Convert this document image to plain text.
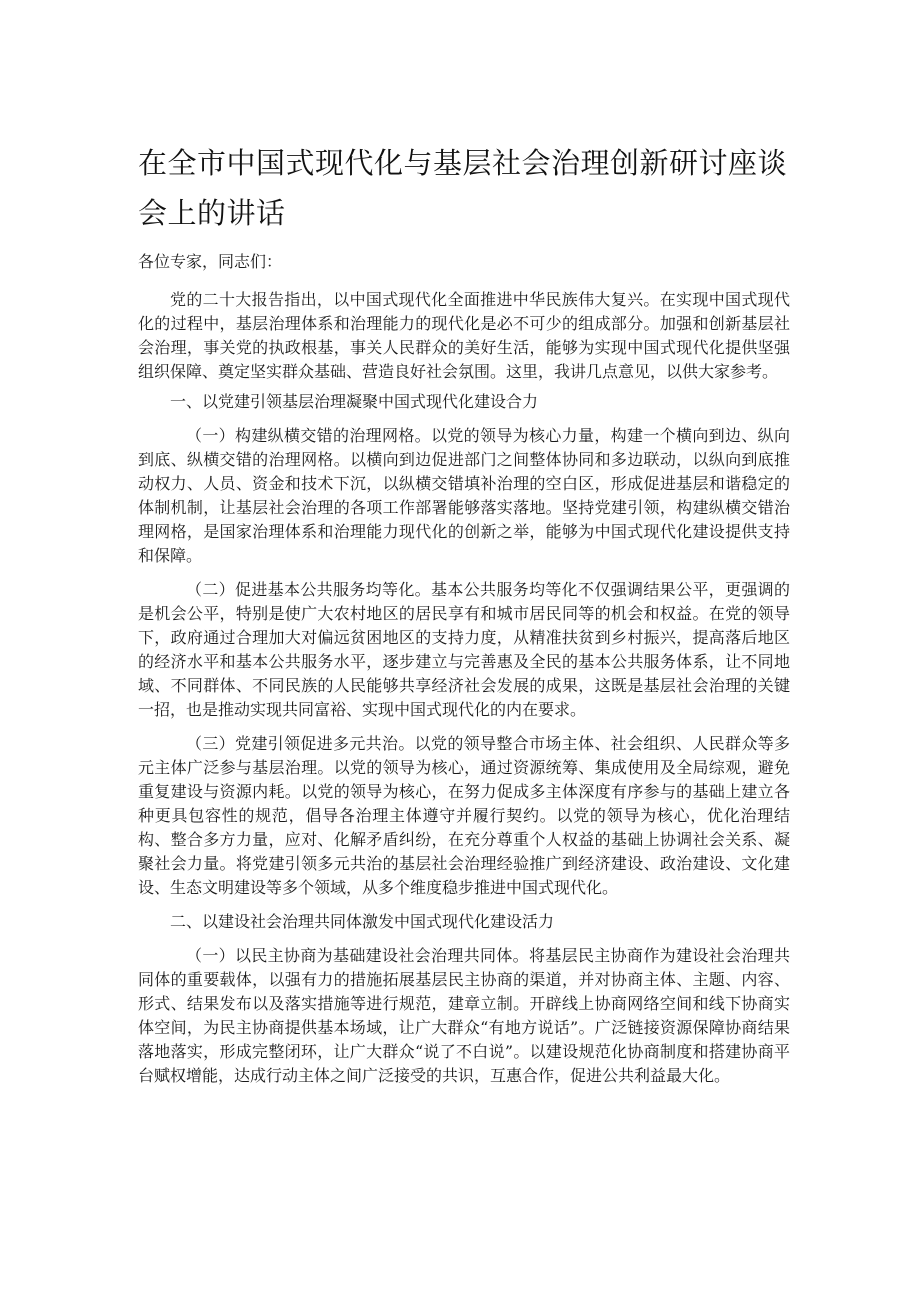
在全市中国式现代化与基层社会治理创新研讨座谈会上的讲话

各位专家，同志们：

党的二十大报告指出，以中国式现代化全面推进中华民族伟大复兴。在实现中国式现代化的过程中，基层治理体系和治理能力的现代化是必不可少的组成部分。加强和创新基层社会治理，事关党的执政根基，事关人民群众的美好生活，能够为实现中国式现代化提供坚强组织保障、奠定坚实群众基础、营造良好社会氛围。这里，我讲几点意见，以供大家参考。

一、以党建引领基层治理凝聚中国式现代化建设合力

（一）构建纵横交错的治理网格。以党的领导为核心力量，构建一个横向到边、纵向到底、纵横交错的治理网格。以横向到边促进部门之间整体协同和多边联动，以纵向到底推动权力、人员、资金和技术下沉，以纵横交错填补治理的空白区，形成促进基层和谐稳定的体制机制，让基层社会治理的各项工作部署能够落实落地。坚持党建引领，构建纵横交错治理网格，是国家治理体系和治理能力现代化的创新之举，能够为中国式现代化建设提供支持和保障。

（二）促进基本公共服务均等化。基本公共服务均等化不仅强调结果公平，更强调的是机会公平，特别是使广大农村地区的居民享有和城市居民同等的机会和权益。在党的领导下，政府通过合理加大对偏远贫困地区的支持力度，从精准扶贫到乡村振兴，提高落后地区的经济水平和基本公共服务水平，逐步建立与完善惠及全民的基本公共服务体系，让不同地域、不同群体、不同民族的人民能够共享经济社会发展的成果，这既是基层社会治理的关键一招，也是推动实现共同富裕、实现中国式现代化的内在要求。

（三）党建引领促进多元共治。以党的领导整合市场主体、社会组织、人民群众等多元主体广泛参与基层治理。以党的领导为核心，通过资源统筹、集成使用及全局综观，避免重复建设与资源内耗。以党的领导为核心，在努力促成多主体深度有序参与的基础上建立各种更具包容性的规范，倡导各治理主体遵守并履行契约。以党的领导为核心，优化治理结构、整合多方力量，应对、化解矛盾纠纷，在充分尊重个人权益的基础上协调社会关系、凝聚社会力量。将党建引领多元共治的基层社会治理经验推广到经济建设、政治建设、文化建设、生态文明建设等多个领域，从多个维度稳步推进中国式现代化。

二、以建设社会治理共同体激发中国式现代化建设活力

（一）以民主协商为基础建设社会治理共同体。将基层民主协商作为建设社会治理共同体的重要载体，以强有力的措施拓展基层民主协商的渠道，并对协商主体、主题、内容、形式、结果发布以及落实措施等进行规范，建章立制。开辟线上协商网络空间和线下协商实体空间，为民主协商提供基本场域，让广大群众“有地方说话”。广泛链接资源保障协商结果落地落实，形成完整闭环，让广大群众“说了不白说”。以建设规范化协商制度和搭建协商平台赋权增能，达成行动主体之间广泛接受的共识，互惠合作，促进公共利益最大化。
